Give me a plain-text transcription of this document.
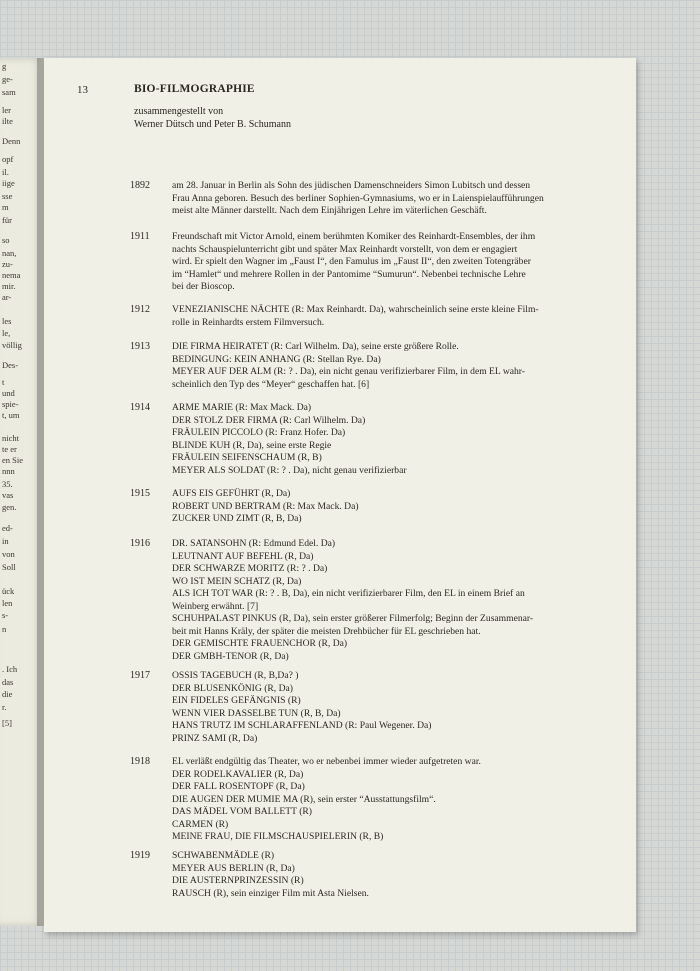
g
ge-
sam
ler
ilte
Denn
opf
il.
iige
sse
m
für
so
nan,
zu-
nema
mir.
ar-
les
le,
völlig
Des-
t
und
spie-
t, um
nicht
te er
en Sie
nnn
35.
vas
gen.
ed-
in
von
Soll
ück
len
s-
n
. Ich
das
die
r.
[5]
13	BIO-FILMOGRAPHIE
zusammengestellt von
Werner Dütsch und Peter B. Schumann
1892	am 28. Januar in Berlin als Sohn des jüdischen Damenschneiders Simon Lubitsch und dessen
Frau Anna geboren. Besuch des berliner Sophien-Gymnasiums, wo er in Laienspielaufführungen
meist alte Männer darstellt. Nach dem Einjährigen Lehre im väterlichen Geschäft.
1911	Freundschaft mit Victor Arnold, einem berühmten Komiker des Reinhardt-Ensembles, der ihm
nachts Schauspielunterricht gibt und später Max Reinhardt vorstellt, von dem er engagiert
wird. Er spielt den Wagner im „Faust I“, den Famulus im „Faust II“, den zweiten Totengräber
im “Hamlet“ und mehrere Rollen in der Pantomime “Sumurun“. Nebenbei technische Lehre
bei der Bioscop.
1912	VENEZIANISCHE NÄCHTE (R: Max Reinhardt. Da), wahrscheinlich seine erste kleine Film-
rolle in Reinhardts erstem Filmversuch.
1913	DIE FIRMA HEIRATET (R: Carl Wilhelm. Da), seine erste größere Rolle.
BEDINGUNG: KEIN ANHANG (R: Stellan Rye. Da)
MEYER AUF DER ALM (R: ? . Da), ein nicht genau verifizierbarer Film, in dem EL wahr-
scheinlich den Typ des “Meyer“ geschaffen hat. [6]
1914	ARME MARIE (R: Max Mack. Da)
DER STOLZ DER FIRMA (R: Carl Wilhelm. Da)
FRÄULEIN PICCOLO (R: Franz Hofer. Da)
BLINDE KUH (R, Da), seine erste Regie
FRÄULEIN SEIFENSCHAUM (R, B)
MEYER ALS SOLDAT (R: ? . Da), nicht genau verifizierbar
1915	AUFS EIS GEFÜHRT (R, Da)
ROBERT UND BERTRAM (R: Max Mack. Da)
ZUCKER UND ZIMT (R, B, Da)
1916	DR. SATANSOHN (R: Edmund Edel. Da)
LEUTNANT AUF BEFEHL (R, Da)
DER SCHWARZE MORITZ (R: ? . Da)
WO IST MEIN SCHATZ (R, Da)
ALS ICH TOT WAR (R: ? . B, Da), ein nicht verifizierbarer Film, den EL in einem Brief an
Weinberg erwähnt. [7]
SCHUHPALAST PINKUS (R, Da), sein erster größerer Filmerfolg; Beginn der Zusammenar-
beit mit Hanns Kräly, der später die meisten Drehbücher für EL geschrieben hat.
DER GEMISCHTE FRAUENCHOR (R, Da)
DER GMBH-TENOR (R, Da)
1917	OSSIS TAGEBUCH (R, B,Da? )
DER BLUSENKÖNIG (R, Da)
EIN FIDELES GEFÄNGNIS (R)
WENN VIER DASSELBE TUN (R, B, Da)
HANS TRUTZ IM SCHLARAFFENLAND (R: Paul Wegener. Da)
PRINZ SAMI (R, Da)
1918	EL verläßt endgültig das Theater, wo er nebenbei immer wieder aufgetreten war.
DER RODELKAVALIER (R, Da)
DER FALL ROSENTOPF (R, Da)
DIE AUGEN DER MUMIE MA (R), sein erster “Ausstattungsfilm“.
DAS MÄDEL VOM BALLETT (R)
CARMEN (R)
MEINE FRAU, DIE FILMSCHAUSPIELERIN (R, B)
1919	SCHWABENMÄDLE (R)
MEYER AUS BERLIN (R, Da)
DIE AUSTERNPRINZESSIN (R)
RAUSCH (R), sein einziger Film mit Asta Nielsen.
